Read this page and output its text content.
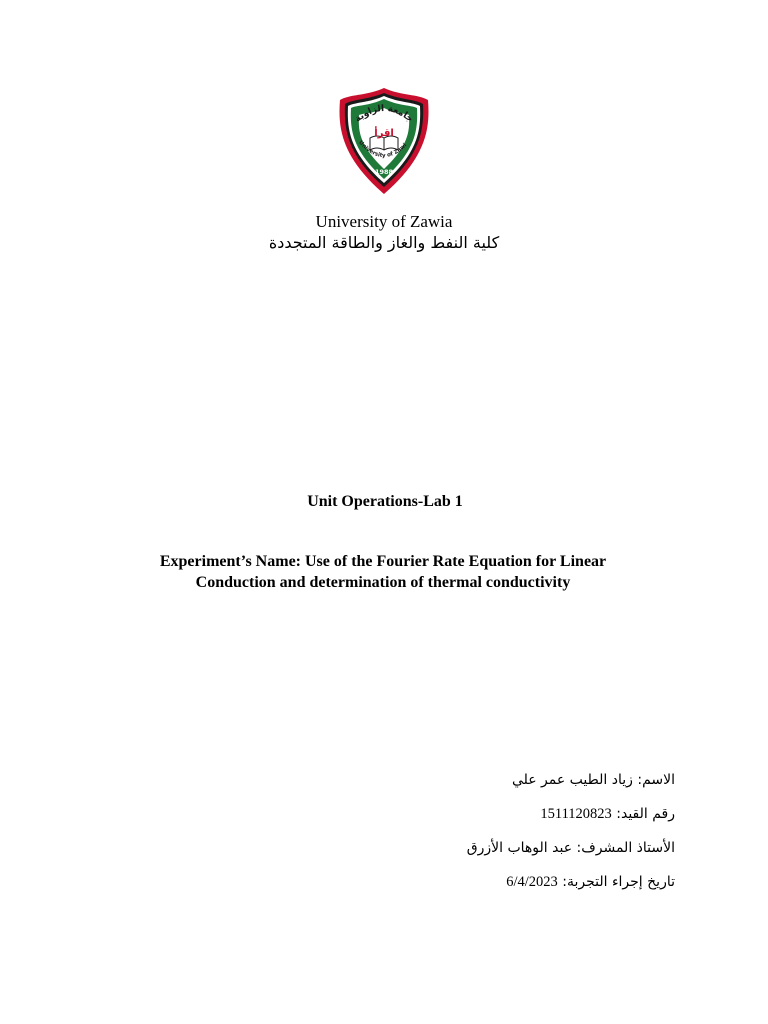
جامعة الزاوية
اقرأ
University of Zawi
1988
University of Zawia
كلية النفط والغاز والطاقة المتجددة
Unit Operations-Lab 1
Experiment’s Name: Use of the Fourier Rate Equation for Linear
Conduction and determination of thermal conductivity
الاسم: زياد الطيب عمر علي
رقم القيد: 1511120823
الأستاذ المشرف: عبد الوهاب الأزرق
تاريخ إجراء التجربة: 6/4/2023
